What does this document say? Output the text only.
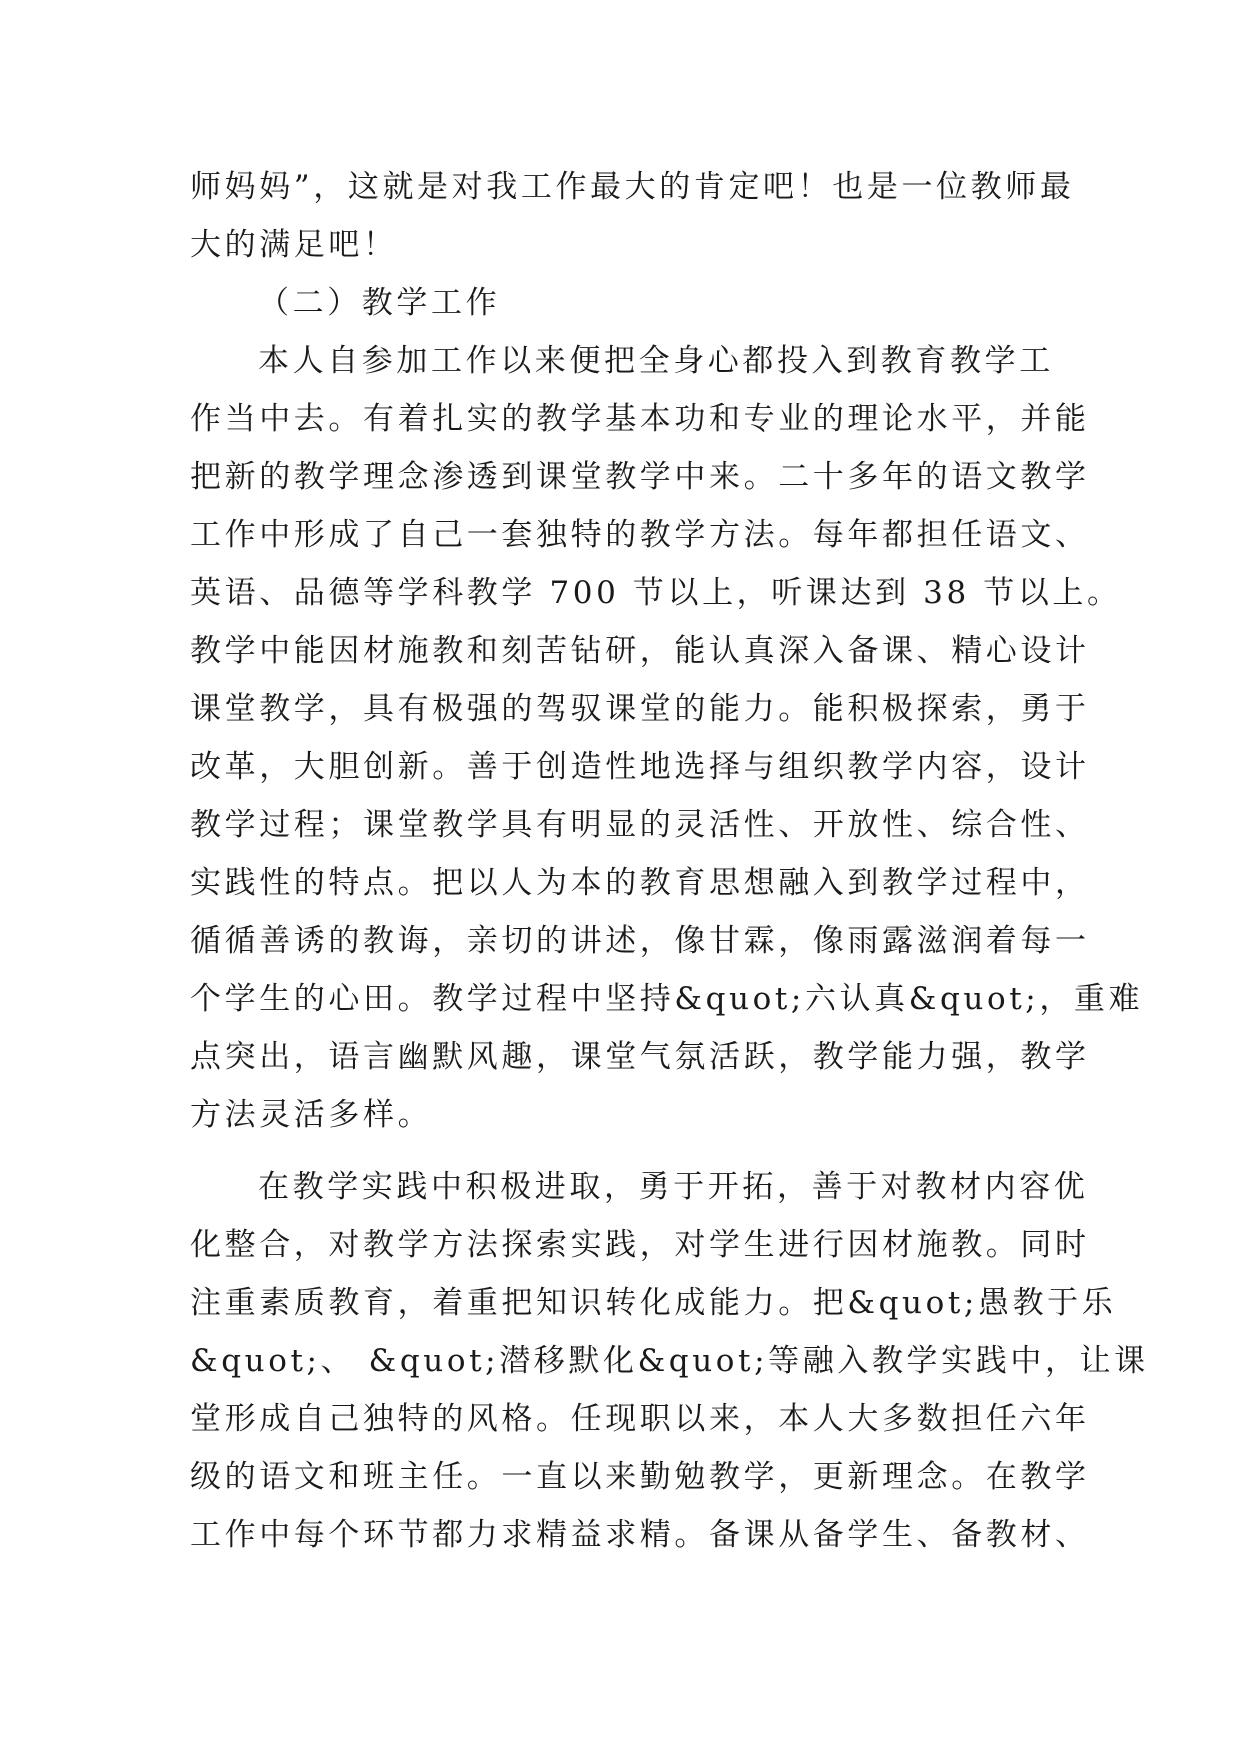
师妈妈”，这就是对我工作最大的肯定吧！也是一位教师最
大的满足吧！
（二）教学工作
本人自参加工作以来便把全身心都投入到教育教学工
作当中去。有着扎实的教学基本功和专业的理论水平，并能
把新的教学理念渗透到课堂教学中来。二十多年的语文教学
工作中形成了自己一套独特的教学方法。每年都担任语文、
英语、品德等学科教学 700 节以上，听课达到 38 节以上。
教学中能因材施教和刻苦钻研，能认真深入备课、精心设计
课堂教学，具有极强的驾驭课堂的能力。能积极探索，勇于
改革，大胆创新。善于创造性地选择与组织教学内容，设计
教学过程；课堂教学具有明显的灵活性、开放性、综合性、
实践性的特点。把以人为本的教育思想融入到教学过程中，
循循善诱的教诲，亲切的讲述，像甘霖，像雨露滋润着每一
个学生的心田。教学过程中坚持&quot;六认真&quot;，重难
点突出，语言幽默风趣，课堂气氛活跃，教学能力强，教学
方法灵活多样。
在教学实践中积极进取，勇于开拓，善于对教材内容优
化整合，对教学方法探索实践，对学生进行因材施教。同时
注重素质教育，着重把知识转化成能力。把&quot;愚教于乐
&quot;、 &quot;潜移默化&quot;等融入教学实践中，让课
堂形成自己独特的风格。任现职以来，本人大多数担任六年
级的语文和班主任。一直以来勤勉教学，更新理念。在教学
工作中每个环节都力求精益求精。备课从备学生、备教材、
